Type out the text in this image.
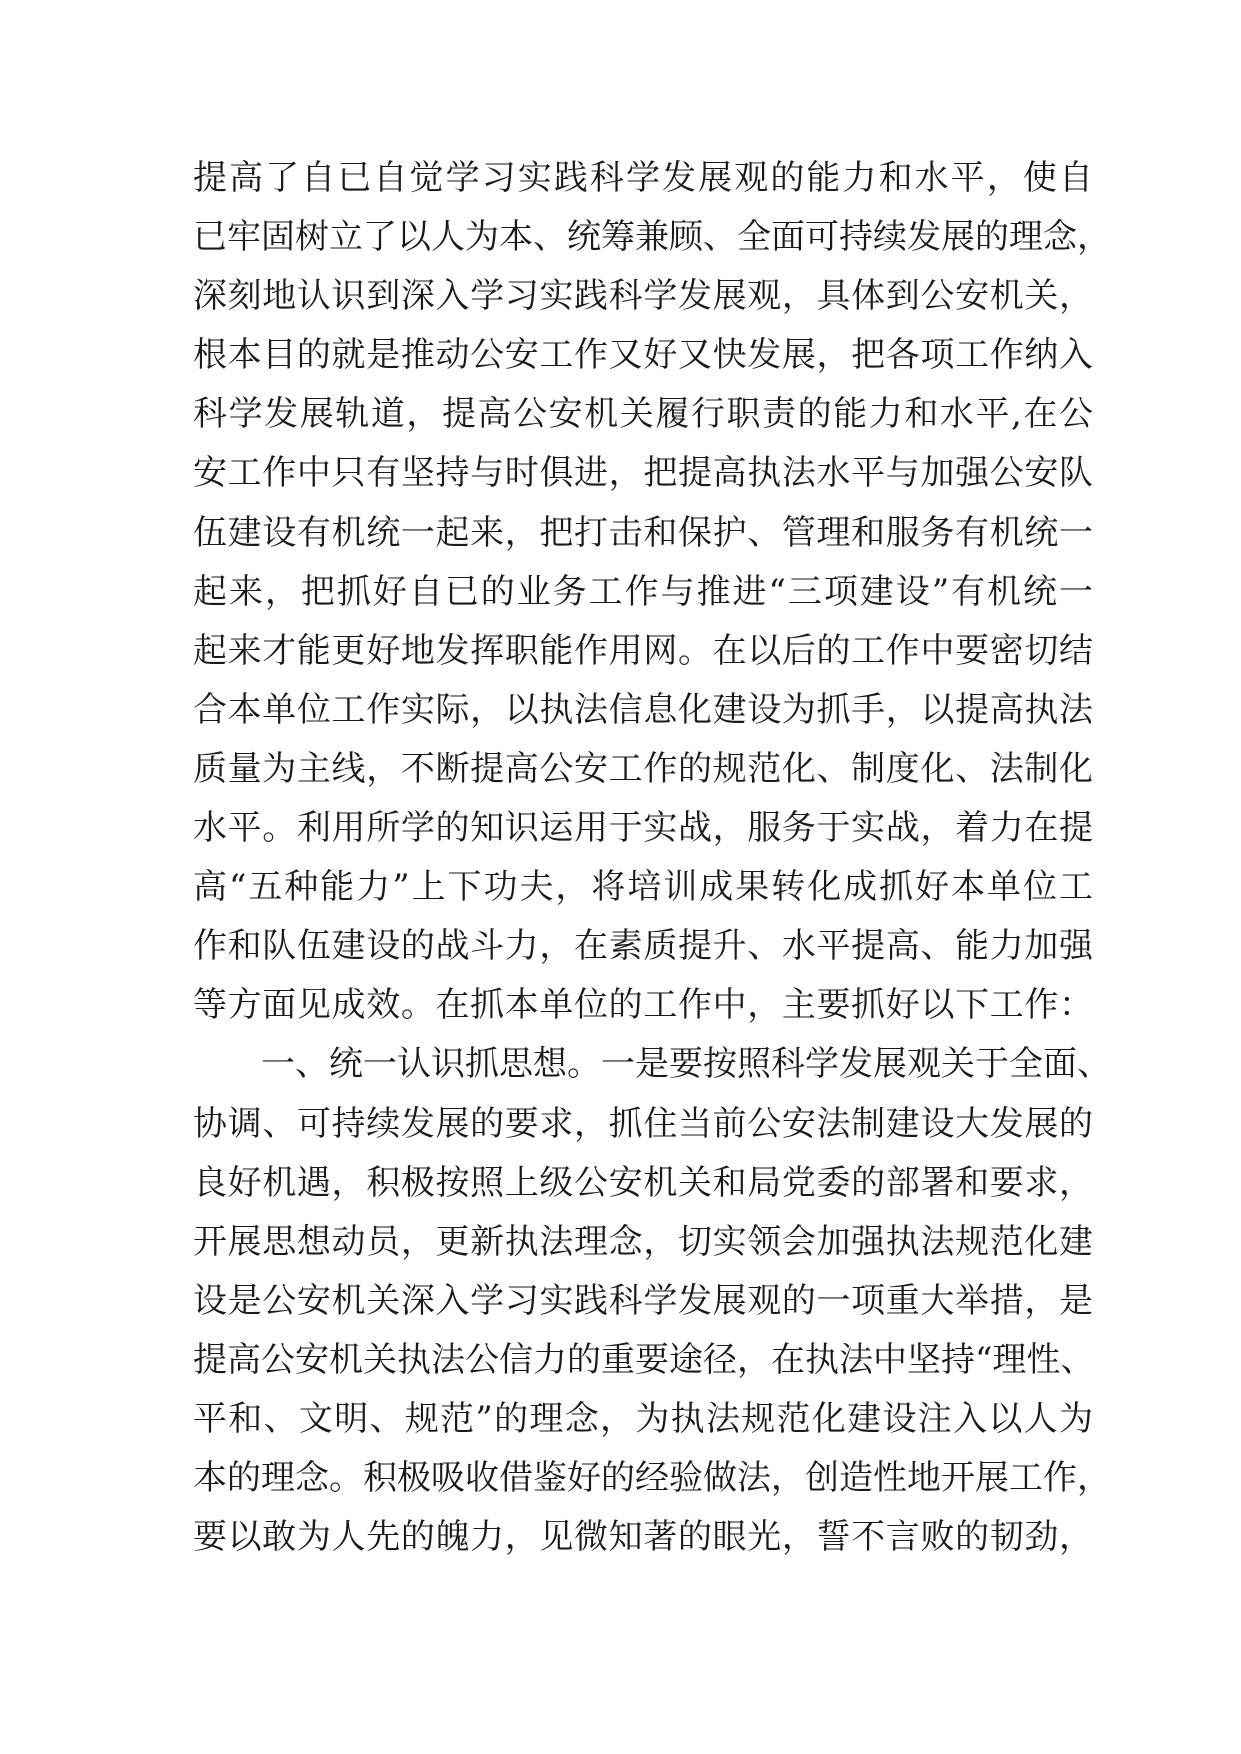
提高了自已自觉学习实践科学发展观的能力和水平，使自
已牢固树立了以人为本、统筹兼顾、全面可持续发展的理念，
深刻地认识到深入学习实践科学发展观，具体到公安机关，
根本目的就是推动公安工作又好又快发展，把各项工作纳入
科学发展轨道，提高公安机关履行职责的能力和水平,在公
安工作中只有坚持与时俱进，把提高执法水平与加强公安队
伍建设有机统一起来，把打击和保护、管理和服务有机统一
起来，把抓好自已的业务工作与推进“三项建设”有机统一
起来才能更好地发挥职能作用网。在以后的工作中要密切结
合本单位工作实际，以执法信息化建设为抓手，以提高执法
质量为主线，不断提高公安工作的规范化、制度化、法制化
水平。利用所学的知识运用于实战，服务于实战，着力在提
高“五种能力”上下功夫，将培训成果转化成抓好本单位工
作和队伍建设的战斗力，在素质提升、水平提高、能力加强
等方面见成效。在抓本单位的工作中，主要抓好以下工作：
一、统一认识抓思想。一是要按照科学发展观关于全面、
协调、可持续发展的要求，抓住当前公安法制建设大发展的
良好机遇，积极按照上级公安机关和局党委的部署和要求，
开展思想动员，更新执法理念，切实领会加强执法规范化建
设是公安机关深入学习实践科学发展观的一项重大举措，是
提高公安机关执法公信力的重要途径，在执法中坚持“理性、
平和、文明、规范”的理念，为执法规范化建设注入以人为
本的理念。积极吸收借鉴好的经验做法，创造性地开展工作，
要以敢为人先的魄力，见微知著的眼光，誓不言败的韧劲，
